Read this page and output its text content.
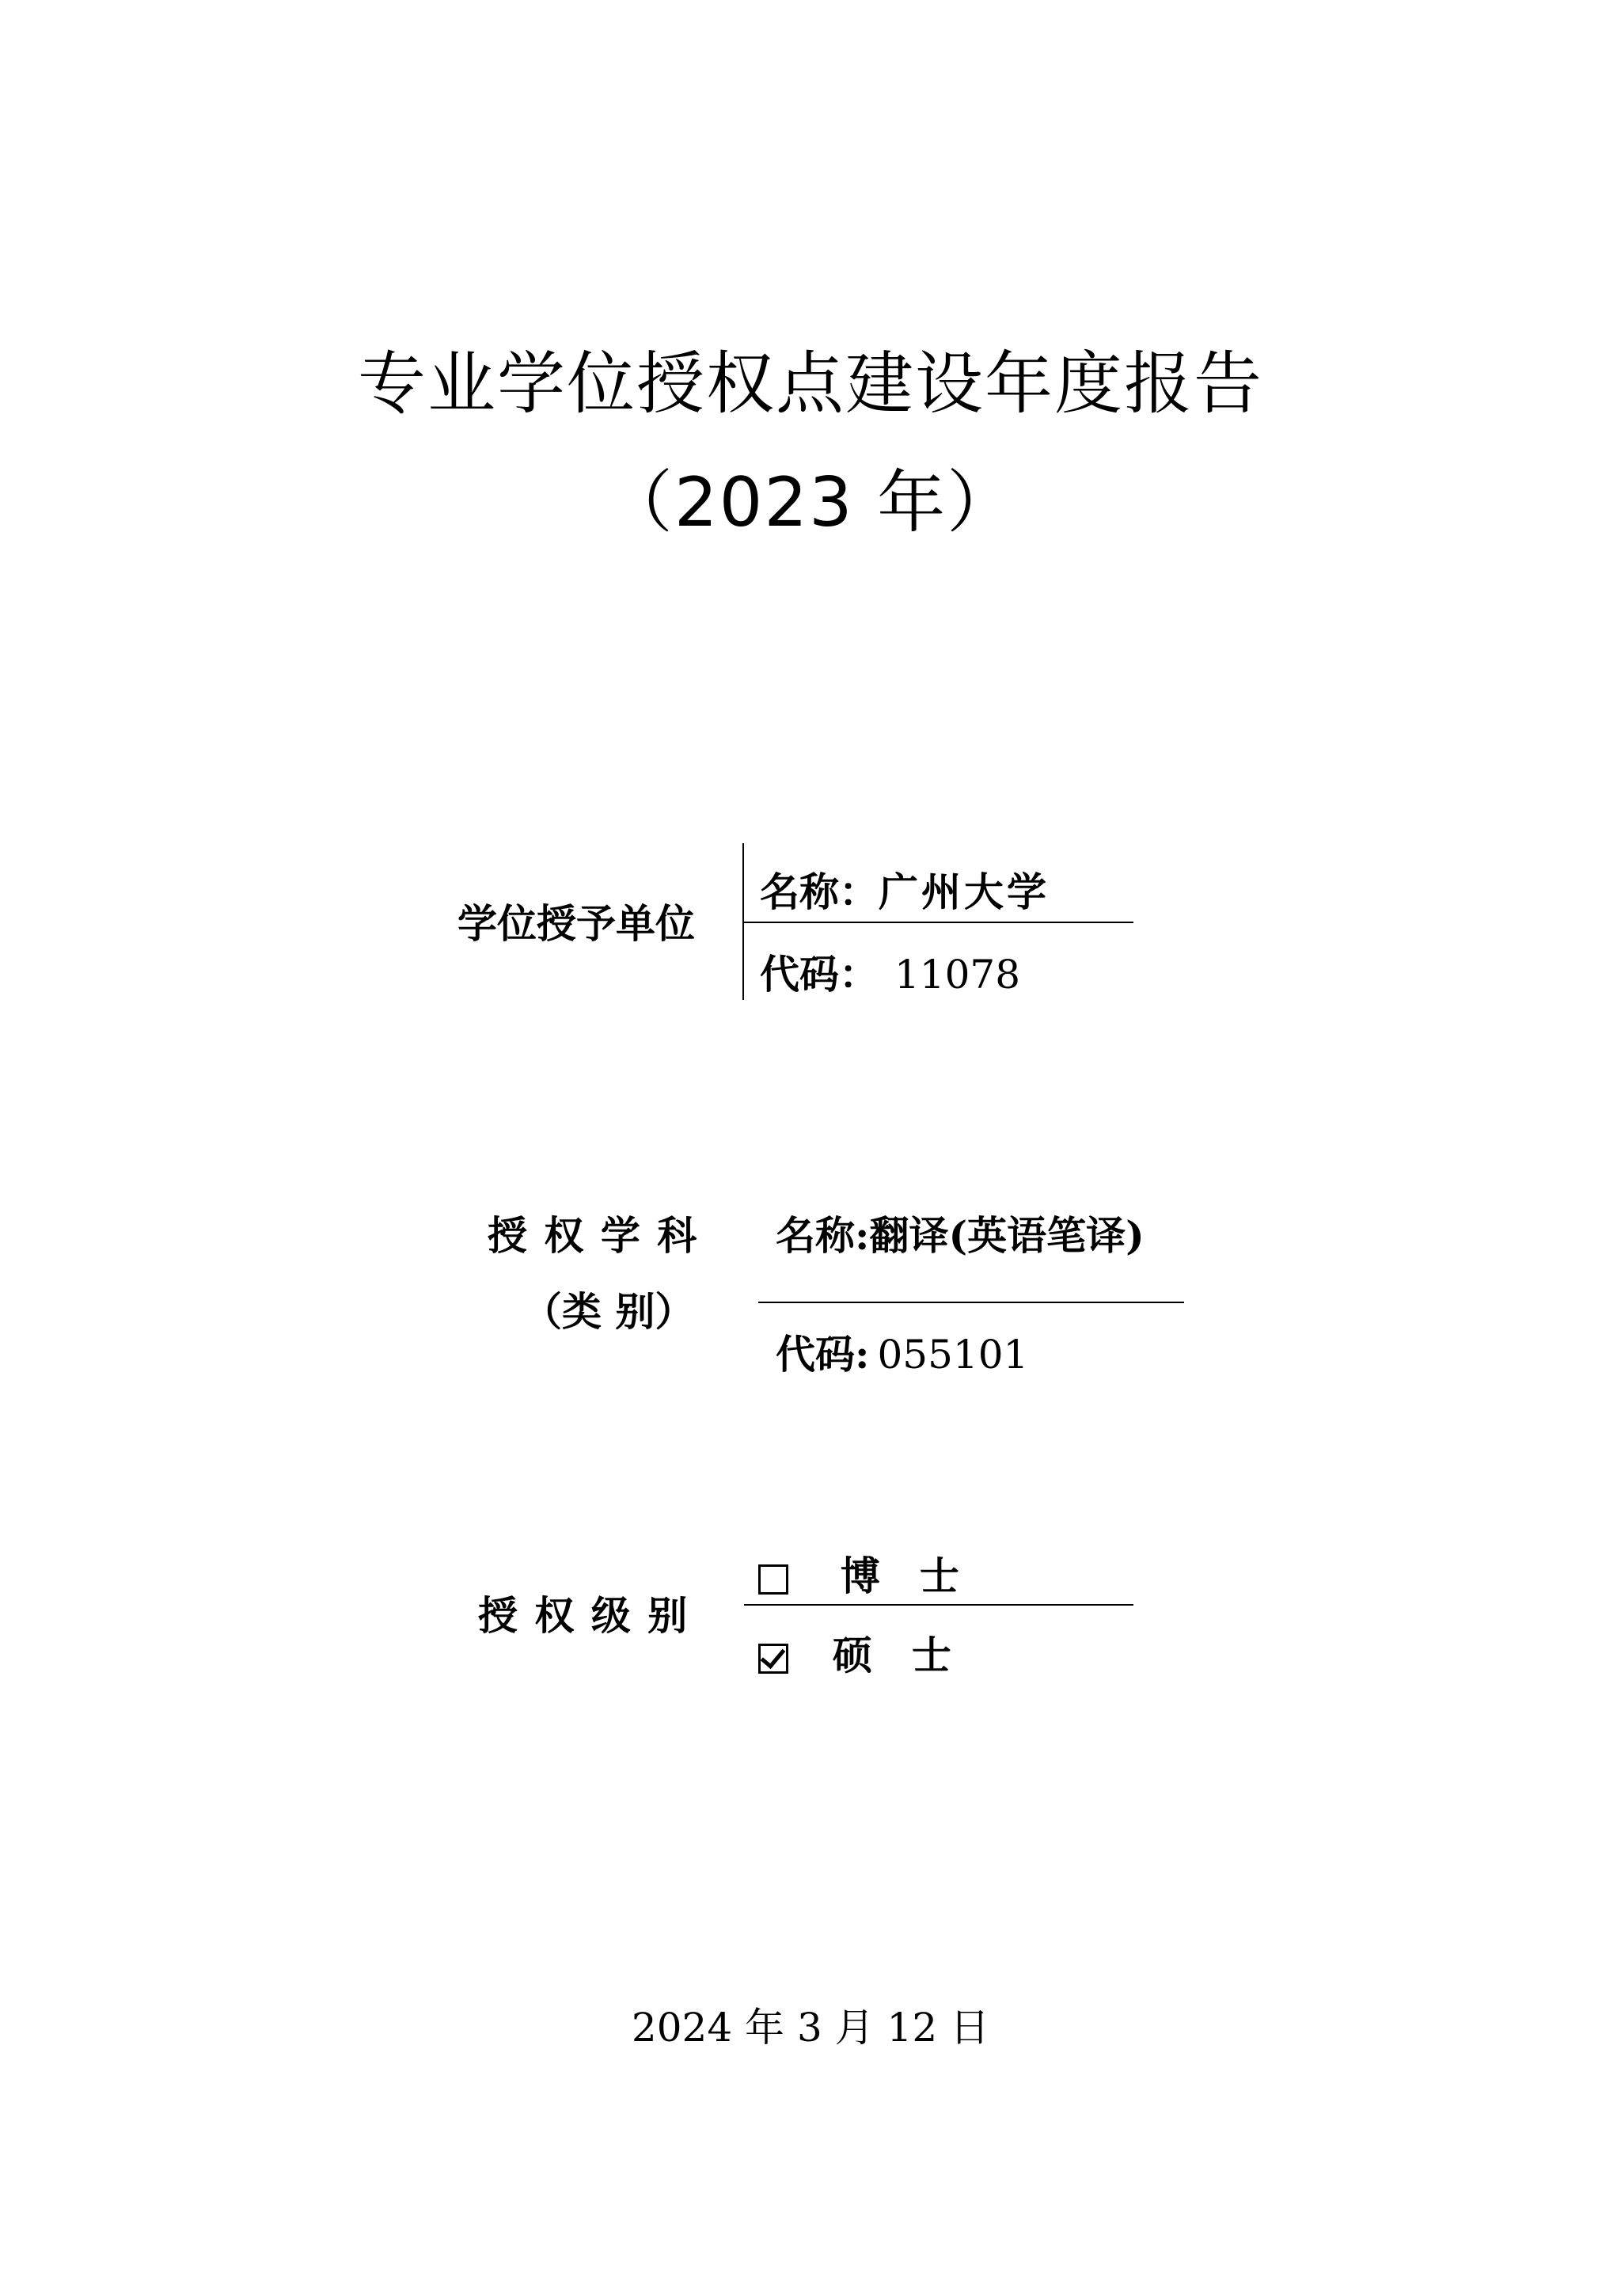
专业学位授权点建设年度报告
（2023 年）
学位授予单位
名称：广州大学
代码： 11078
授 权 学 科
（类 别）
名称:翻译(英语笔译)
代码: 055101
授 权 级 别
博　士
硕　士
2024 年 3 月 12 日
